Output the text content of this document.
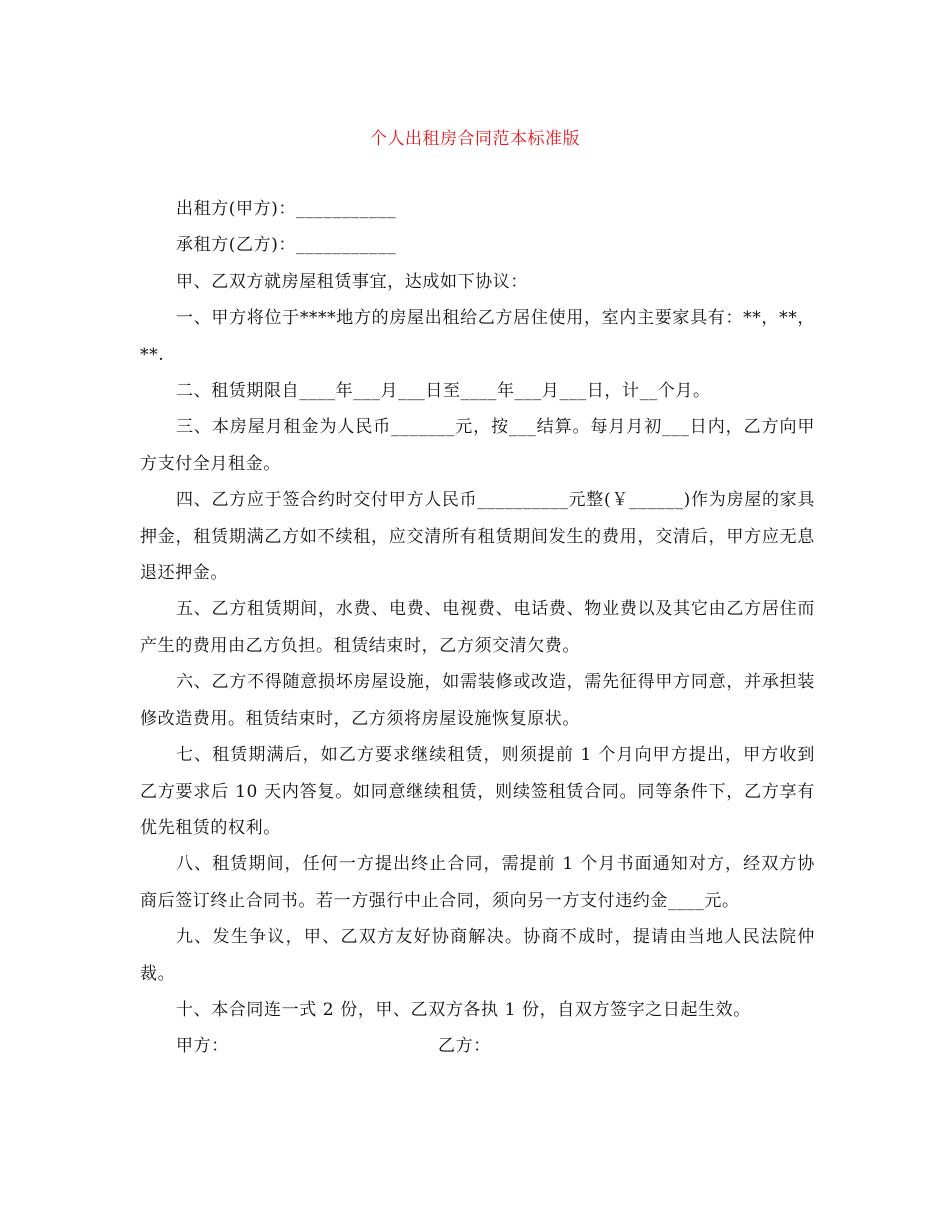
个人出租房合同范本标准版

出租方(甲方)：___________

承租方(乙方)：___________

甲、乙双方就房屋租赁事宜，达成如下协议：

一、甲方将位于****地方的房屋出租给乙方居住使用，室内主要家具有：**，**，**.

二、租赁期限自____年___月___日至____年___月___日，计__个月。

三、本房屋月租金为人民币_______元，按___结算。每月月初___日内，乙方向甲方支付全月租金。

四、乙方应于签合约时交付甲方人民币__________元整(￥______)作为房屋的家具押金，租赁期满乙方如不续租，应交清所有租赁期间发生的费用，交清后，甲方应无息退还押金。

五、乙方租赁期间，水费、电费、电视费、电话费、物业费以及其它由乙方居住而产生的费用由乙方负担。租赁结束时，乙方须交清欠费。

六、乙方不得随意损坏房屋设施，如需装修或改造，需先征得甲方同意，并承担装修改造费用。租赁结束时，乙方须将房屋设施恢复原状。

七、租赁期满后，如乙方要求继续租赁，则须提前 1 个月向甲方提出，甲方收到乙方要求后 10 天内答复。如同意继续租赁，则续签租赁合同。同等条件下，乙方享有优先租赁的权利。

八、租赁期间，任何一方提出终止合同，需提前 1 个月书面通知对方，经双方协商后签订终止合同书。若一方强行中止合同，须向另一方支付违约金____元。

九、发生争议，甲、乙双方友好协商解决。协商不成时，提请由当地人民法院仲裁。

十、本合同连一式 2 份，甲、乙双方各执 1 份，自双方签字之日起生效。

甲方：	乙方：
